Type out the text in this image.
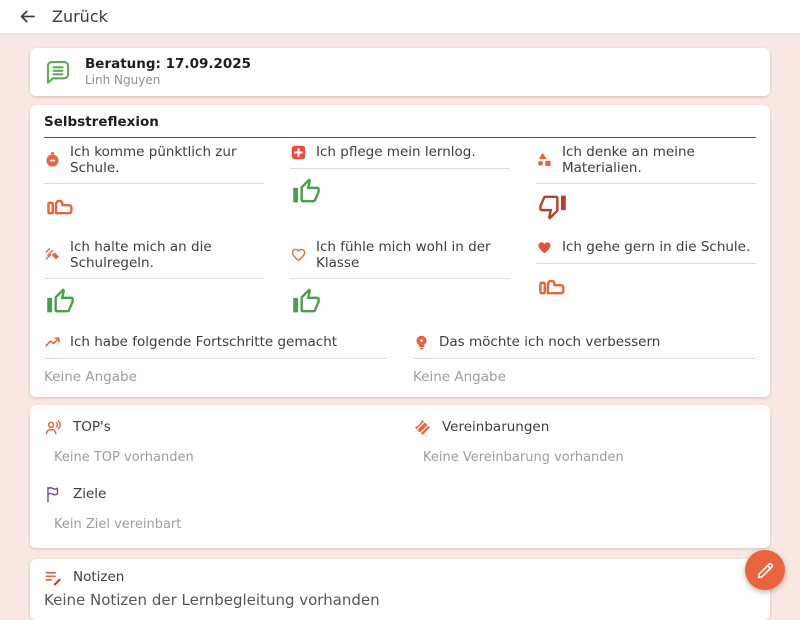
Zurück
Beratung: 17.09.2025
Linh Nguyen
Selbstreflexion
Ich komme pünktlich zur Schule.
Ich pflege mein lernlog.	Ich denke an meine Materialien.
Ich halte mich an die Schulregeln.
Ich fühle mich wohl in der Klasse
Ich gehe gern in die Schule.
Ich habe folgende Fortschritte gemacht
Keine Angabe
Das möchte ich noch verbessern
Keine Angabe
TOP's
Keine TOP vorhanden
Vereinbarungen
Keine Vereinbarung vorhanden
Ziele
Kein Ziel vereinbart
Notizen
Keine Notizen der Lernbegleitung vorhanden
